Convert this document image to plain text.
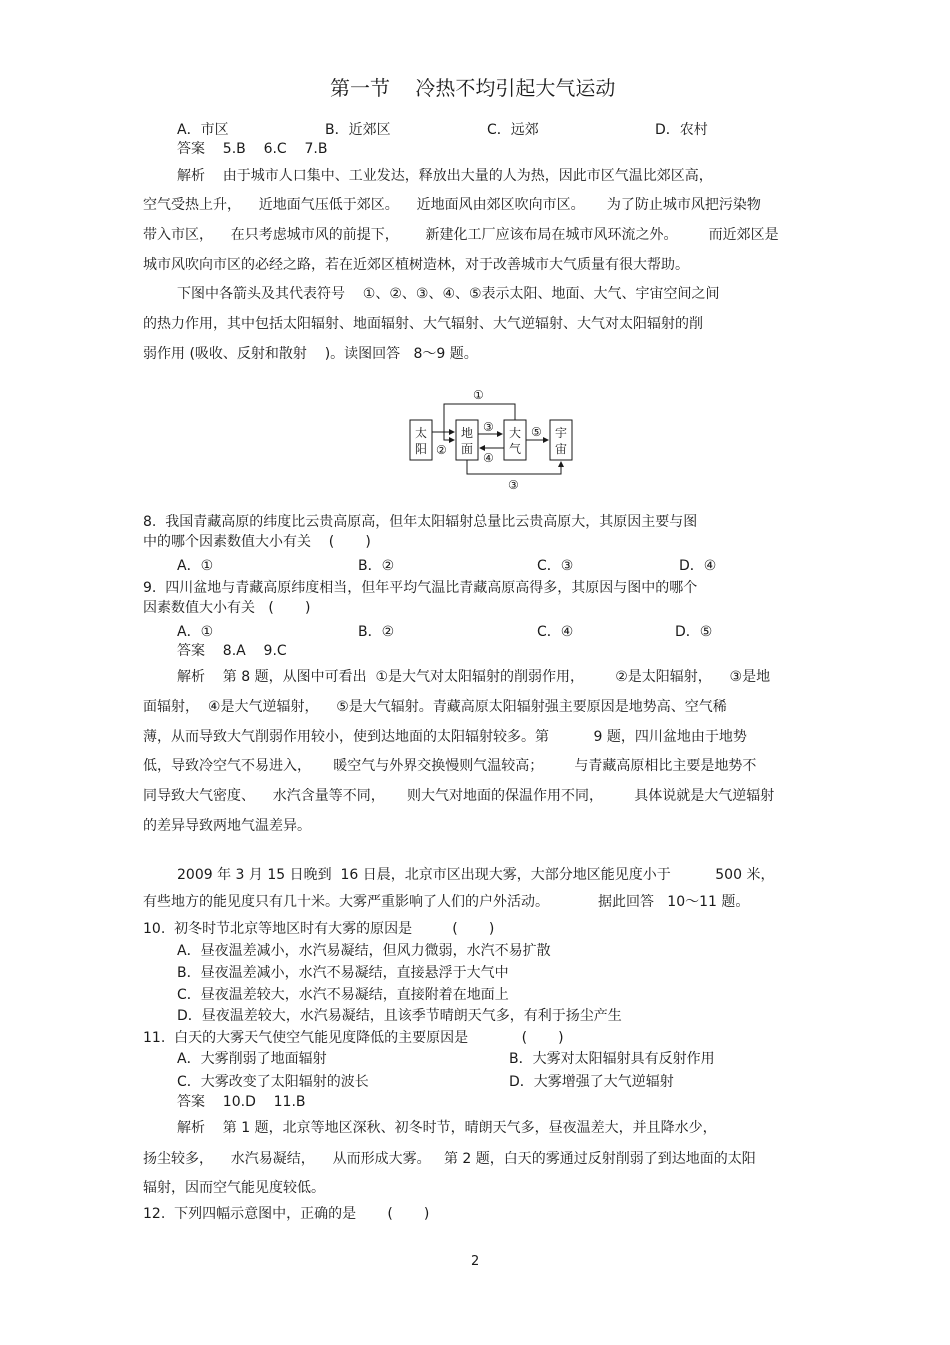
第一节    冷热不均引起大气运动
A．市区	B．近郊区	C．远郊	D．农村
答案    5.B    6.C    7.B
解析    由于城市人口集中、工业发达，释放出大量的人为热，因此市区气温比郊区高，
空气受热上升，    近地面气压低于郊区。    近地面风由郊区吹向市区。     为了防止城市风把污染物
带入市区，    在只考虑城市风的前提下，      新建化工厂应该布局在城市风环流之外。       而近郊区是
城市风吹向市区的必经之路，若在近郊区植树造林，对于改善城市大气质量有很大帮助。
下图中各箭头及其代表符号    ①、②、③、④、⑤表示太阳、地面、大气、宇宙空间之间
的热力作用，其中包括太阳辐射、地面辐射、大气辐射、大气逆辐射、大气对太阳辐射的削
弱作用 (吸收、反射和散射    )。读图回答   8～9 题。
太
阳
地
面
大
气
宇
宙
①
②
③
④
⑤
③
8.  我国青藏高原的纬度比云贵高原高，但年太阳辐射总量比云贵高原大，其原因主要与图
中的哪个因素数值大小有关    (       )
A．①	B．②	C．③	D．④
9.  四川盆地与青藏高原纬度相当，但年平均气温比青藏高原高得多，其原因与图中的哪个
因素数值大小有关   (       )
A．①	B．②	C．④	D．⑤
答案    8.A    9.C
解析    第 8 题，从图中可看出  ①是大气对太阳辐射的削弱作用，       ②是太阳辐射，    ③是地
面辐射，  ④是大气逆辐射，    ⑤是大气辐射。青藏高原太阳辐射强主要原因是地势高、空气稀
薄，从而导致大气削弱作用较小，使到达地面的太阳辐射较多。第          9 题，四川盆地由于地势
低，导致冷空气不易进入，     暖空气与外界交换慢则气温较高；       与青藏高原相比主要是地势不
同导致大气密度、    水汽含量等不同，     则大气对地面的保温作用不同，       具体说就是大气逆辐射
的差异导致两地气温差异。
2009 年 3 月 15 日晚到  16 日晨，北京市区出现大雾，大部分地区能见度小于          500 米，
有些地方的能见度只有几十米。大雾严重影响了人们的户外活动。           据此回答   10～11 题。
10.  初冬时节北京等地区时有大雾的原因是         (       )
A．昼夜温差减小，水汽易凝结，但风力微弱，水汽不易扩散
B．昼夜温差减小，水汽不易凝结，直接悬浮于大气中
C．昼夜温差较大，水汽不易凝结，直接附着在地面上
D．昼夜温差较大，水汽易凝结，且该季节晴朗天气多，有利于扬尘产生
11.  白天的大雾天气使空气能见度降低的主要原因是            (       )
A．大雾削弱了地面辐射	B．大雾对太阳辐射具有反射作用
C．大雾改变了太阳辐射的波长	D．大雾增强了大气逆辐射
答案    10.D    11.B
解析    第 1 题，北京等地区深秋、初冬时节，晴朗天气多，昼夜温差大，并且降水少，
扬尘较多，    水汽易凝结，    从而形成大雾。   第 2 题，白天的雾通过反射削弱了到达地面的太阳
辐射，因而空气能见度较低。
12.  下列四幅示意图中，正确的是       (       )
2
